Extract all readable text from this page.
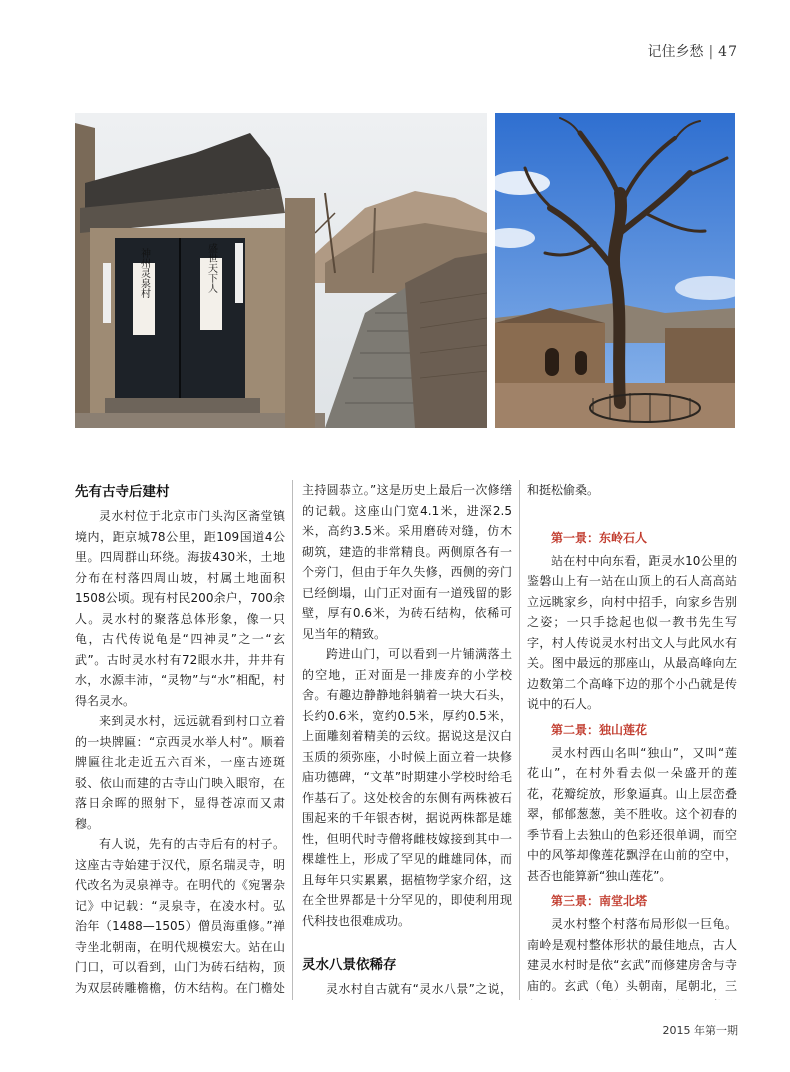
记住乡愁 | 47
神州灵泉村	盛世天下人
先有古寺后建村

灵水村位于北京市门头沟区斋堂镇境内，距京城78公里，距109国道4公里。四周群山环绕。海拔430米，土地分布在村落四周山坡，村属土地面积1508公顷。现有村民200余户，700余人。灵水村的聚落总体形象，像一只龟，古代传说龟是“四神灵”之一“玄武”。古时灵水村有72眼水井，井井有水，水源丰沛，“灵物”与“水”相配，村得名灵水。

来到灵水村，远远就看到村口立着的一块牌匾：“京西灵水举人村”。顺着牌匾往北走近五六百米，一座古迹斑驳、依山而建的古寺山门映入眼帘，在落日余晖的照射下，显得苍凉而又肃穆。

有人说，先有的古寺后有的村子。这座古寺始建于汉代，原名瑞灵寺，明代改名为灵泉禅寺。在明代的《宛署杂记》中记载：“灵泉寺，在凌水村。弘治年（1488—1505）僧员海重修。”禅寺坐北朝南，在明代规模宏大。站在山门口，可以看到，山门为砖石结构，顶为双层砖雕檐檐，仿木结构。在门檐处

主持圆恭立。”这是历史上最后一次修缮的记载。这座山门宽4.1米，进深2.5米，高约3.5米。采用磨砖对缝，仿木砌筑，建造的非常精良。两侧原各有一个旁门，但由于年久失修，西侧的旁门已经倒塌，山门正对面有一道残留的影壁，厚有0.6米，为砖石结构，依稀可见当年的精致。

跨进山门，可以看到一片铺满落土的空地，正对面是一排废弃的小学校舍。有趣边静静地斜躺着一块大石头，长约0.6米，宽约0.5米，厚约0.5米，上面雕刻着精美的云纹。据说这是汉白玉质的须弥座，小时候上面立着一块修庙功德碑，“文革”时期建小学校时给毛作基石了。这处校舍的东侧有两株被石围起来的千年银杏树，据说两株都是雄性，但明代时寺僧将雌枝嫁接到其中一棵雄性上，形成了罕见的雌雄同体，而且每年只实累累，据植物学家介绍，这在全世界都是十分罕见的，即使利用现代科技也很难成功。

灵水八景依稀存

灵水村自古就有“灵水八景”之说，

和挺松偷桑。

第一景：东岭石人

站在村中向东看，距灵水10公里的鉴磐山上有一站在山顶上的石人高高站立远眺家乡，向村中招手，向家乡告别之姿；一只手捻起也似一教书先生写字，村人传说灵水村出文人与此风水有关。图中最远的那座山，从最高峰向左边数第二个高峰下边的那个小凸就是传说中的石人。

第二景：独山莲花

灵水村西山名叫“独山”，又叫“莲花山”，在村外看去似一朵盛开的莲花，花瓣绽放，形象逼真。山上层峦叠翠，郁郁葱葱，美不胜收。这个初春的季节看上去独山的色彩还很单调，而空中的风筝却像莲花飘浮在山前的空中，甚否也能算新“独山莲花”。

第三景：南堂北塔

灵水村整个村落布局形似一巨龟。南岭是观村整体形状的最佳地点，古人建灵水村时是依“玄武”而修建房舍与寺庙的。玄武（龟）头朝南，尾朝北，三

2015 年第一期
